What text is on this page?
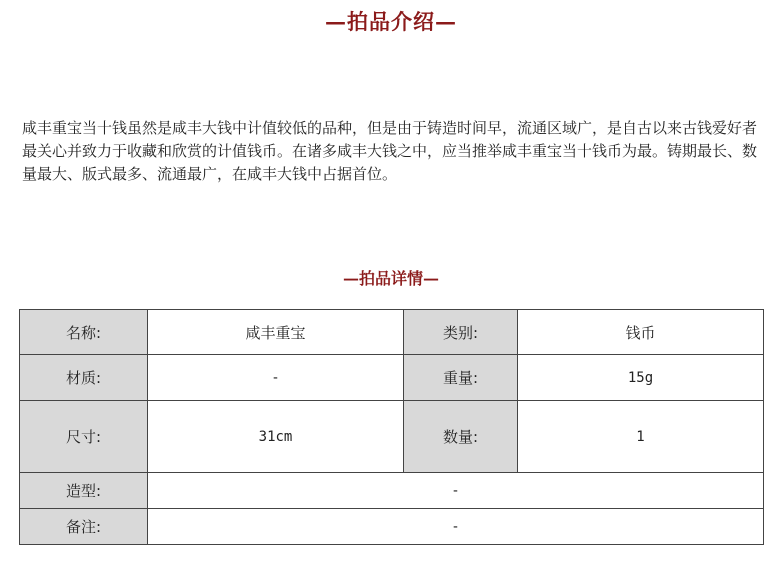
—拍品介绍—
咸丰重宝当十钱虽然是咸丰大钱中计值较低的品种，但是由于铸造时间早，流通区域广，是自古以来古钱爱好者最关心并致力于收藏和欣赏的计值钱币。在诸多咸丰大钱之中，应当推举咸丰重宝当十钱币为最。铸期最长、数量最大、版式最多、流通最广，在咸丰大钱中占据首位。
—拍品详情—
名称:	咸丰重宝	类别:	钱币
材质:	-	重量:	15g
尺寸:	31cm	数量:	1
造型:	-		
备注:	-		
